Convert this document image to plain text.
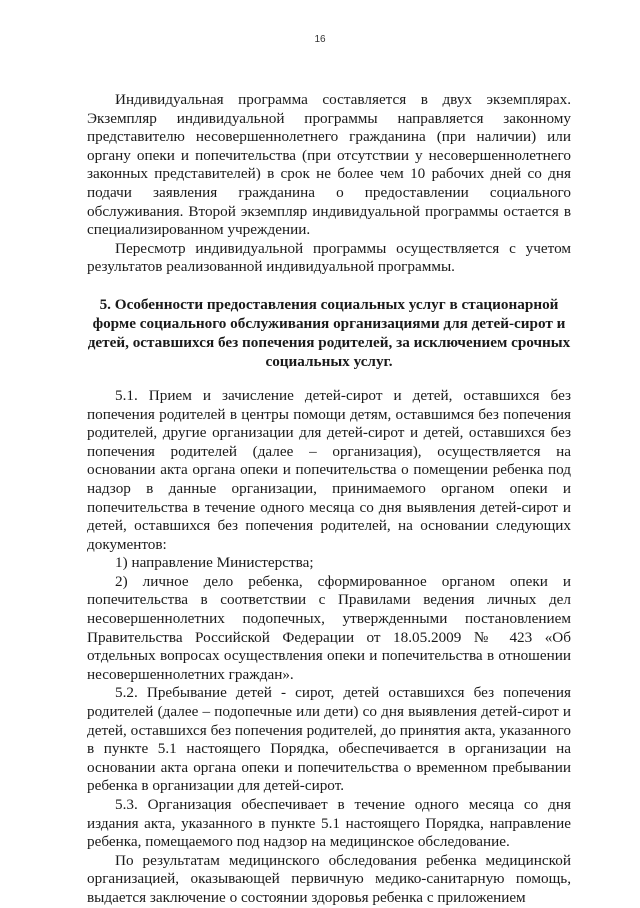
16

Индивидуальная программа составляется в двух экземплярах. Экземпляр индивидуальной программы направляется законному представителю несовершеннолетнего гражданина (при наличии) или органу опеки и попечительства (при отсутствии у несовершеннолетнего законных представителей) в срок не более чем 10 рабочих дней со дня подачи заявления гражданина о предоставлении социального обслуживания. Второй экземпляр индивидуальной программы остается в специализированном учреждении.

Пересмотр индивидуальной программы осуществляется с учетом результатов реализованной индивидуальной программы.

5. Особенности предоставления социальных услуг в стационарной форме социального обслуживания организациями для детей-сирот и детей, оставшихся без попечения родителей, за исключением срочных социальных услуг.

5.1. Прием и зачисление детей-сирот и детей, оставшихся без попечения родителей в центры помощи детям, оставшимся без попечения родителей, другие организации для детей-сирот и детей, оставшихся без попечения родителей (далее – организация), осуществляется на основании акта органа опеки и попечительства о помещении ребенка под надзор в данные организации, принимаемого органом опеки и попечительства в течение одного месяца со дня выявления детей-сирот и детей, оставшихся без попечения родителей, на основании следующих документов:

1) направление Министерства;

2) личное дело ребенка, сформированное органом опеки и попечительства в соответствии с Правилами ведения личных дел несовершеннолетних подопечных, утвержденными постановлением Правительства Российской Федерации от 18.05.2009 № 423 «Об отдельных вопросах осуществления опеки и попечительства в отношении несовершеннолетних граждан».

5.2. Пребывание детей - сирот, детей оставшихся без попечения родителей (далее – подопечные или дети) со дня выявления детей-сирот и детей, оставшихся без попечения родителей, до принятия акта, указанного в пункте 5.1 настоящего Порядка, обеспечивается в организации на основании акта органа опеки и попечительства о временном пребывании ребенка в организации для детей-сирот.

5.3. Организация обеспечивает в течение одного месяца со дня издания акта, указанного в пункте 5.1 настоящего Порядка, направление ребенка, помещаемого под надзор на медицинское обследование.

По результатам медицинского обследования ребенка медицинской организацией, оказывающей первичную медико-санитарную помощь, выдается заключение о состоянии здоровья ребенка с приложением
